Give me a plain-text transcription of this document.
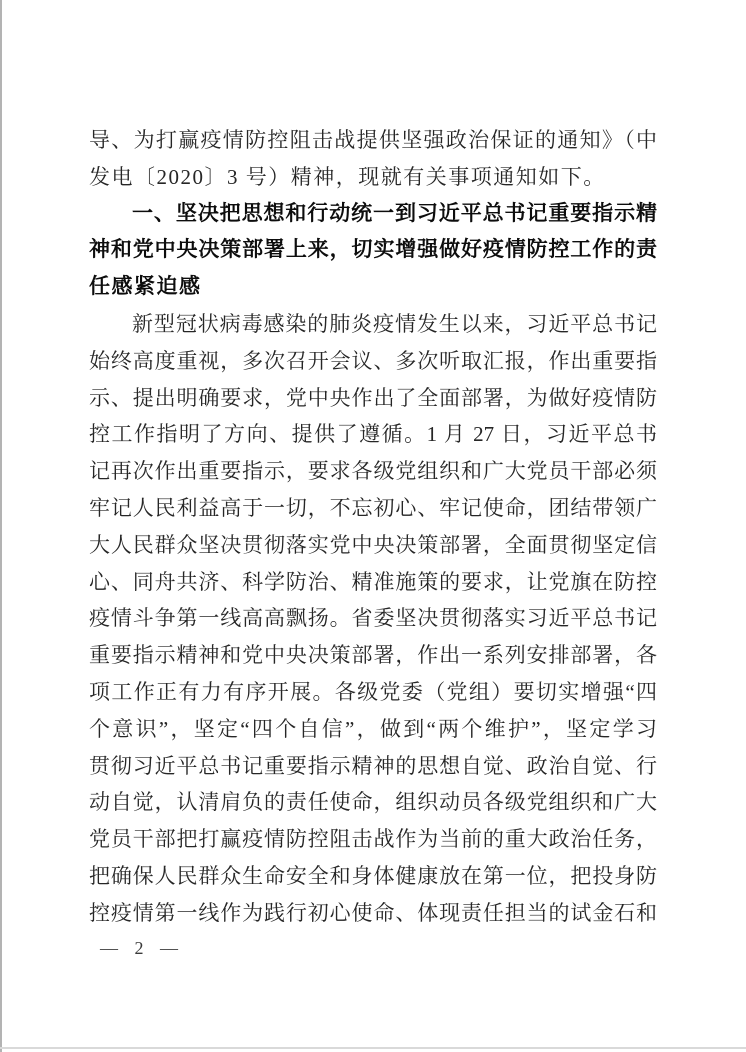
导、为打赢疫情防控阻击战提供坚强政治保证的通知》（中
发电〔2020〕3 号）精神，现就有关事项通知如下。
一、坚决把思想和行动统一到习近平总书记重要指示精
神和党中央决策部署上来，切实增强做好疫情防控工作的责
任感紧迫感
新型冠状病毒感染的肺炎疫情发生以来，习近平总书记
始终高度重视，多次召开会议、多次听取汇报，作出重要指
示、提出明确要求，党中央作出了全面部署，为做好疫情防
控工作指明了方向、提供了遵循。1 月 27 日，习近平总书
记再次作出重要指示，要求各级党组织和广大党员干部必须
牢记人民利益高于一切，不忘初心、牢记使命，团结带领广
大人民群众坚决贯彻落实党中央决策部署，全面贯彻坚定信
心、同舟共济、科学防治、精准施策的要求，让党旗在防控
疫情斗争第一线高高飘扬。省委坚决贯彻落实习近平总书记
重要指示精神和党中央决策部署，作出一系列安排部署，各
项工作正有力有序开展。各级党委（党组）要切实增强“四
个意识”，坚定“四个自信”，做到“两个维护”，坚定学习
贯彻习近平总书记重要指示精神的思想自觉、政治自觉、行
动自觉，认清肩负的责任使命，组织动员各级党组织和广大
党员干部把打赢疫情防控阻击战作为当前的重大政治任务，
把确保人民群众生命安全和身体健康放在第一位，把投身防
控疫情第一线作为践行初心使命、体现责任担当的试金石和
— 2 —
